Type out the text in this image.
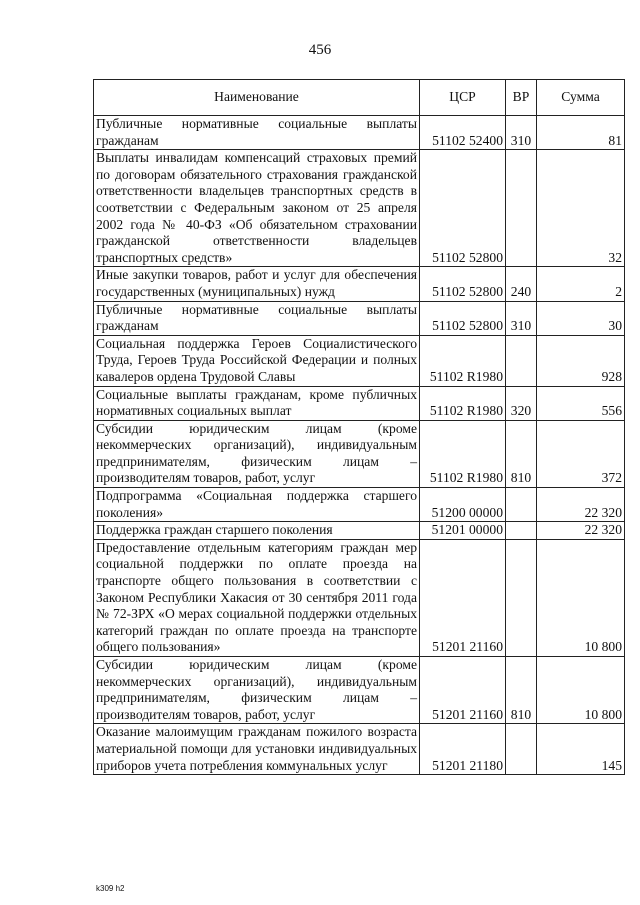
456
Наименование	ЦСР	ВР	Сумма
Публичные нормативные социальные выплаты гражданам	51102 52400	310	81
Выплаты инвалидам компенсаций страховых премий по договорам обязательного страхования гражданской ответственности владельцев транспортных средств в соответствии с Федеральным законом от 25 апреля 2002 года № 40-ФЗ «Об обязательном страховании гражданской ответственности владельцев транспортных средств»	51102 52800		32
Иные закупки товаров, работ и услуг для обеспечения государственных (муниципальных) нужд	51102 52800	240	2
Публичные нормативные социальные выплаты гражданам	51102 52800	310	30
Социальная поддержка Героев Социалистического Труда, Героев Труда Российской Федерации и полных кавалеров ордена Трудовой Славы	51102 R1980		928
Социальные выплаты гражданам, кроме публичных нормативных социальных выплат	51102 R1980	320	556
Субсидии юридическим лицам (кроме некоммерческих организаций), индивидуальным предпринимателям, физическим лицам – производителям товаров, работ, услуг	51102 R1980	810	372
Подпрограмма «Социальная поддержка старшего поколения»	51200 00000		22 320
Поддержка граждан старшего поколения	51201 00000		22 320
Предоставление отдельным категориям граждан мер социальной поддержки по оплате проезда на транспорте общего пользования в соответствии с Законом Республики Хакасия от 30 сентября 2011 года № 72-ЗРХ «О мерах социальной поддержки отдельных категорий граждан по оплате проезда на транспорте общего пользования»	51201 21160		10 800
Субсидии юридическим лицам (кроме некоммерческих организаций), индивидуальным предпринимателям, физическим лицам – производителям товаров, работ, услуг	51201 21160	810	10 800
Оказание малоимущим гражданам пожилого возраста материальной помощи для установки индивидуальных приборов учета потребления коммунальных услуг	51201 21180		145
k309 h2
